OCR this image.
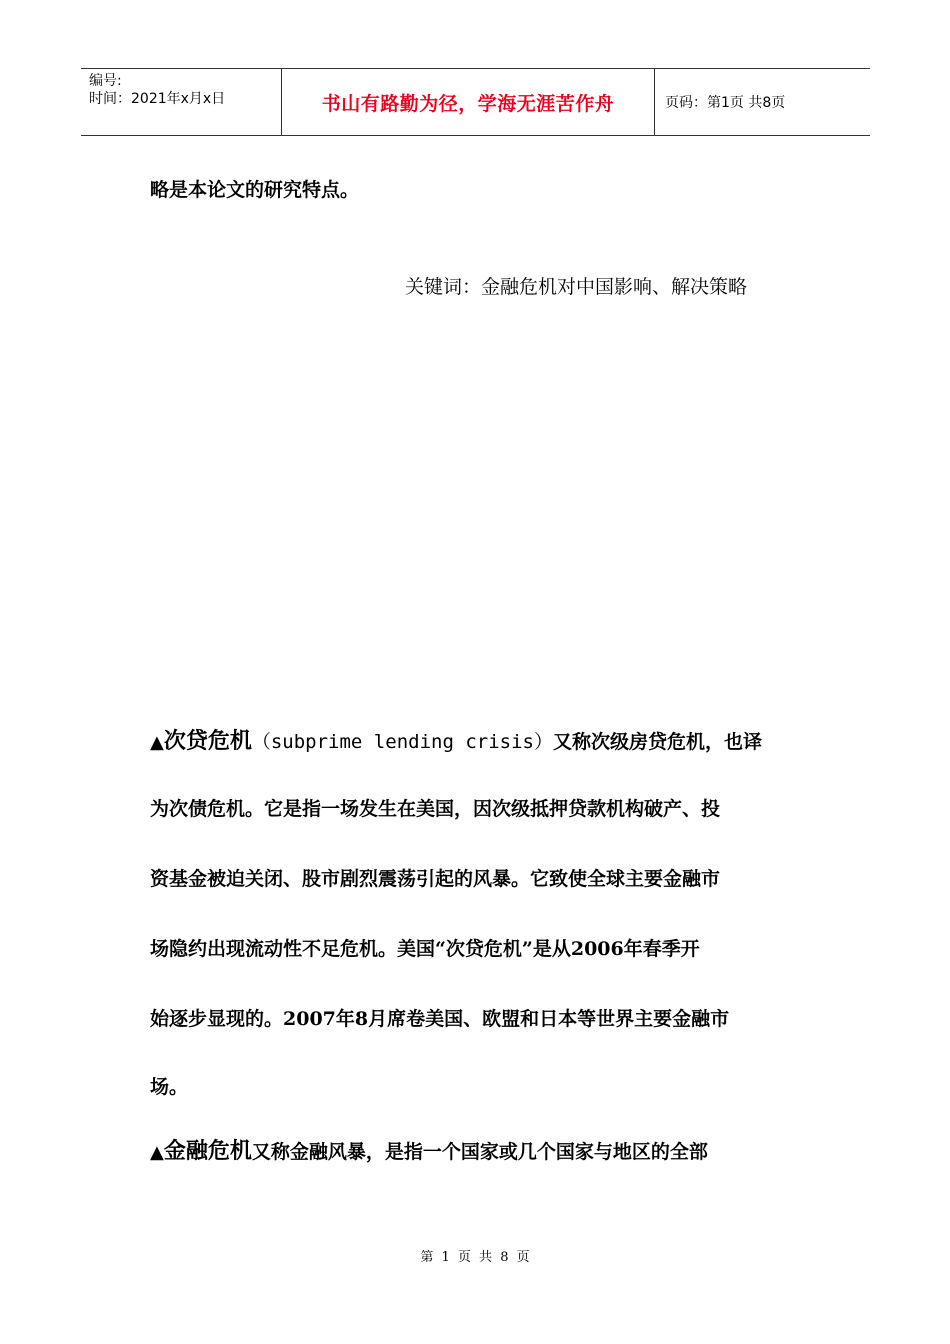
编号:
时间：2021年x月x日	书山有路勤为径，学海无涯苦作舟	页码：第1页 共8页
略是本论文的研究特点。
关键词：金融危机对中国影响、解决策略
▲次贷危机（subprime lending crisis）又称次级房贷危机，也译
为次债危机。它是指一场发生在美国，因次级抵押贷款机构破产、投
资基金被迫关闭、股市剧烈震荡引起的风暴。它致使全球主要金融市
场隐约出现流动性不足危机。美国“次贷危机”是从2006年春季开
始逐步显现的。2007年8月席卷美国、欧盟和日本等世界主要金融市
场。
▲金融危机又称金融风暴，是指一个国家或几个国家与地区的全部
第 1 页 共 8 页
